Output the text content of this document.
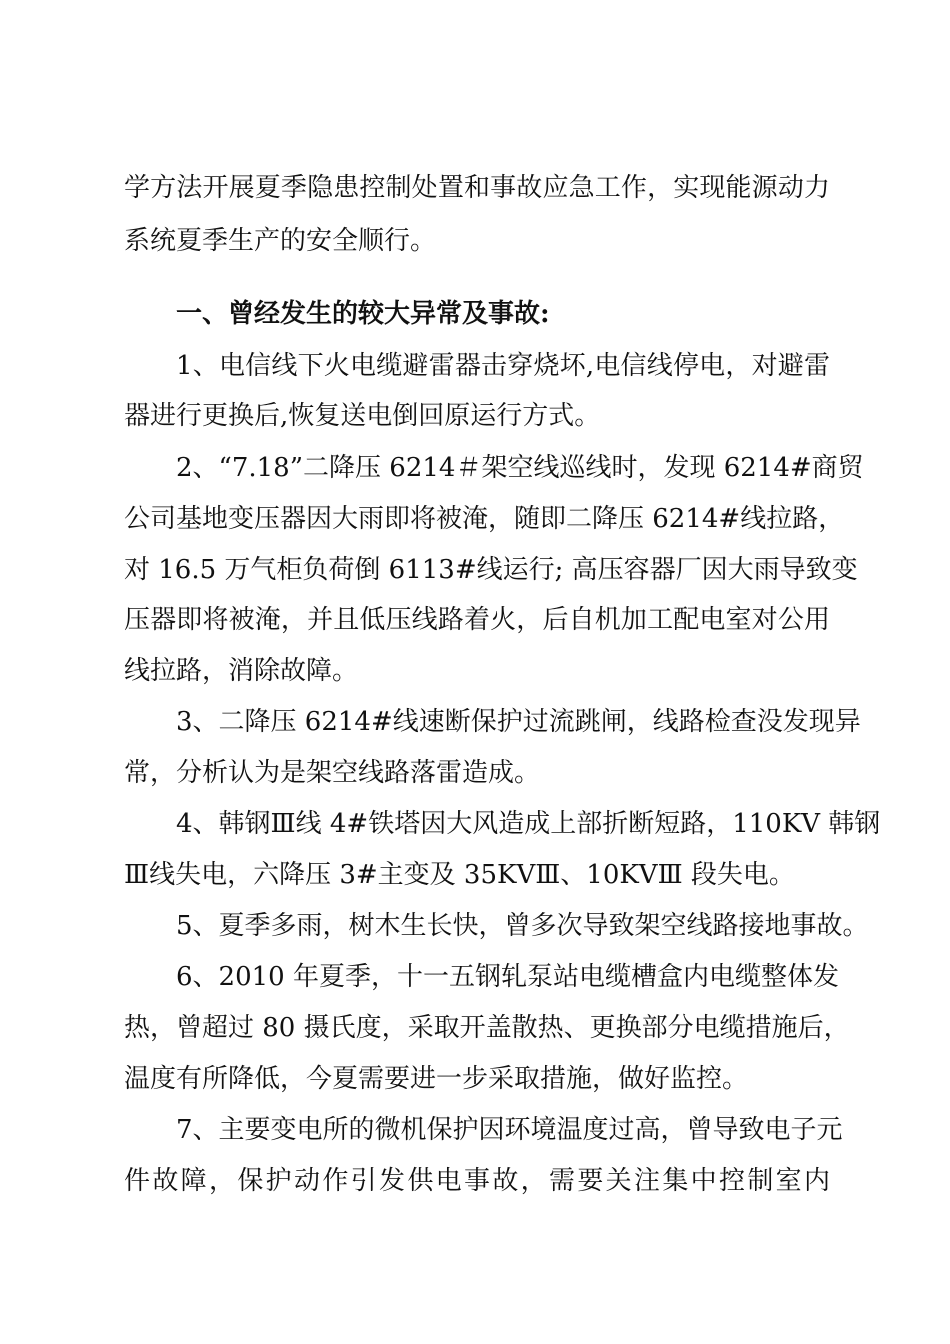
学方法开展夏季隐患控制处置和事故应急工作，实现能源动力
系统夏季生产的安全顺行。
一、曾经发生的较大异常及事故:
1、电信线下火电缆避雷器击穿烧坏,电信线停电，对避雷
器进行更换后,恢复送电倒回原运行方式。
2、“7.18”二降压 6214＃架空线巡线时，发现 6214#商贸
公司基地变压器因大雨即将被淹，随即二降压 6214#线拉路，
对 16.5 万气柜负荷倒 6113#线运行; 高压容器厂因大雨导致变
压器即将被淹，并且低压线路着火，后自机加工配电室对公用
线拉路，消除故障。
3、二降压 6214#线速断保护过流跳闸，线路检查没发现异
常，分析认为是架空线路落雷造成。
4、韩钢Ⅲ线 4#铁塔因大风造成上部折断短路，110KV 韩钢
Ⅲ线失电，六降压 3#主变及 35KVⅢ、10KVⅢ 段失电。
5、夏季多雨，树木生长快，曾多次导致架空线路接地事故。
6、2010 年夏季，十一五钢轧泵站电缆槽盒内电缆整体发
热，曾超过 80 摄氏度，采取开盖散热、更换部分电缆措施后，
温度有所降低，今夏需要进一步采取措施，做好监控。
7、主要变电所的微机保护因环境温度过高，曾导致电子元
件故障，保护动作引发供电事故，需要关注集中控制室内
